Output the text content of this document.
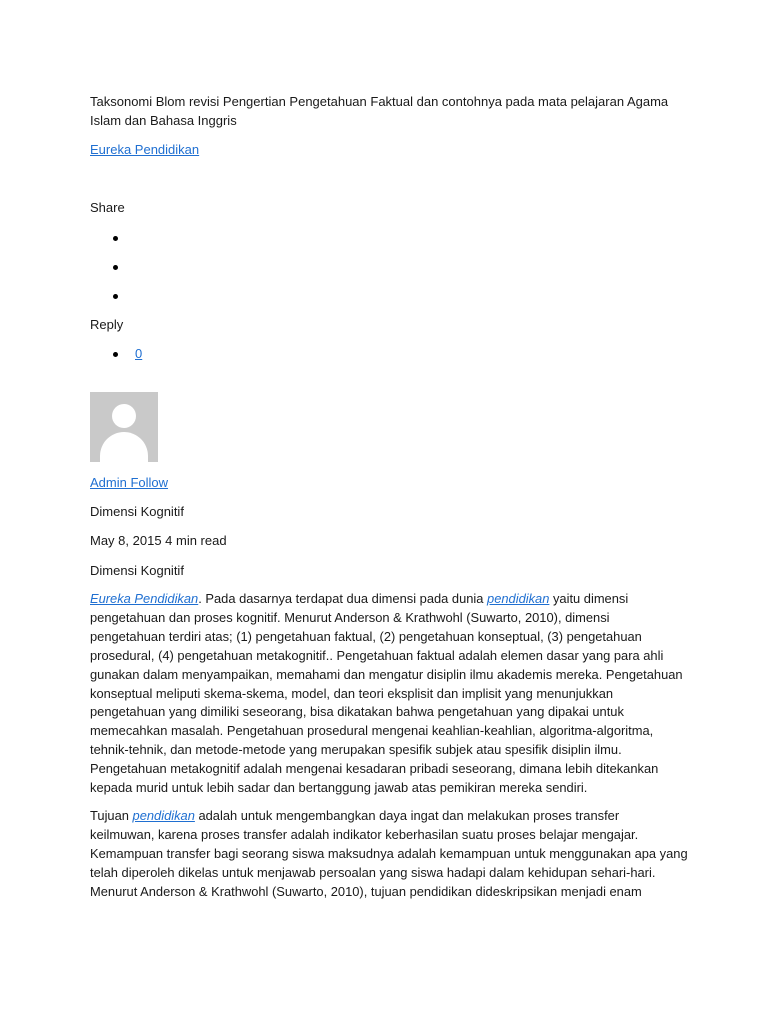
Taksonomi Blom revisi Pengertian Pengetahuan Faktual dan contohnya pada mata pelajaran Agama
Islam dan Bahasa Inggris
Eureka Pendidikan
Share
Reply
0
Admin Follow
Dimensi Kognitif
May 8, 2015 4 min read
Dimensi Kognitif
Eureka Pendidikan. Pada dasarnya terdapat dua dimensi pada dunia pendidikan yaitu dimensi
pengetahuan dan proses kognitif. Menurut Anderson & Krathwohl (Suwarto, 2010), dimensi
pengetahuan terdiri atas; (1) pengetahuan faktual, (2) pengetahuan konseptual, (3) pengetahuan
prosedural, (4) pengetahuan metakognitif.. Pengetahuan faktual adalah elemen dasar yang para ahli
gunakan dalam menyampaikan, memahami dan mengatur disiplin ilmu akademis mereka. Pengetahuan
konseptual meliputi skema-skema, model, dan teori eksplisit dan implisit yang menunjukkan
pengetahuan yang dimiliki seseorang, bisa dikatakan bahwa pengetahuan yang dipakai untuk
memecahkan masalah. Pengetahuan prosedural mengenai keahlian-keahlian, algoritma-algoritma,
tehnik-tehnik, dan metode-metode yang merupakan spesifik subjek atau spesifik disiplin ilmu.
Pengetahuan metakognitif adalah mengenai kesadaran pribadi seseorang, dimana lebih ditekankan
kepada murid untuk lebih sadar dan bertanggung jawab atas pemikiran mereka sendiri.
Tujuan pendidikan adalah untuk mengembangkan daya ingat dan melakukan proses transfer
keilmuwan, karena proses transfer adalah indikator keberhasilan suatu proses belajar mengajar.
Kemampuan transfer bagi seorang siswa maksudnya adalah kemampuan untuk menggunakan apa yang
telah diperoleh dikelas untuk menjawab persoalan yang siswa hadapi dalam kehidupan sehari-hari.
Menurut Anderson & Krathwohl (Suwarto, 2010), tujuan pendidikan dideskripsikan menjadi enam
